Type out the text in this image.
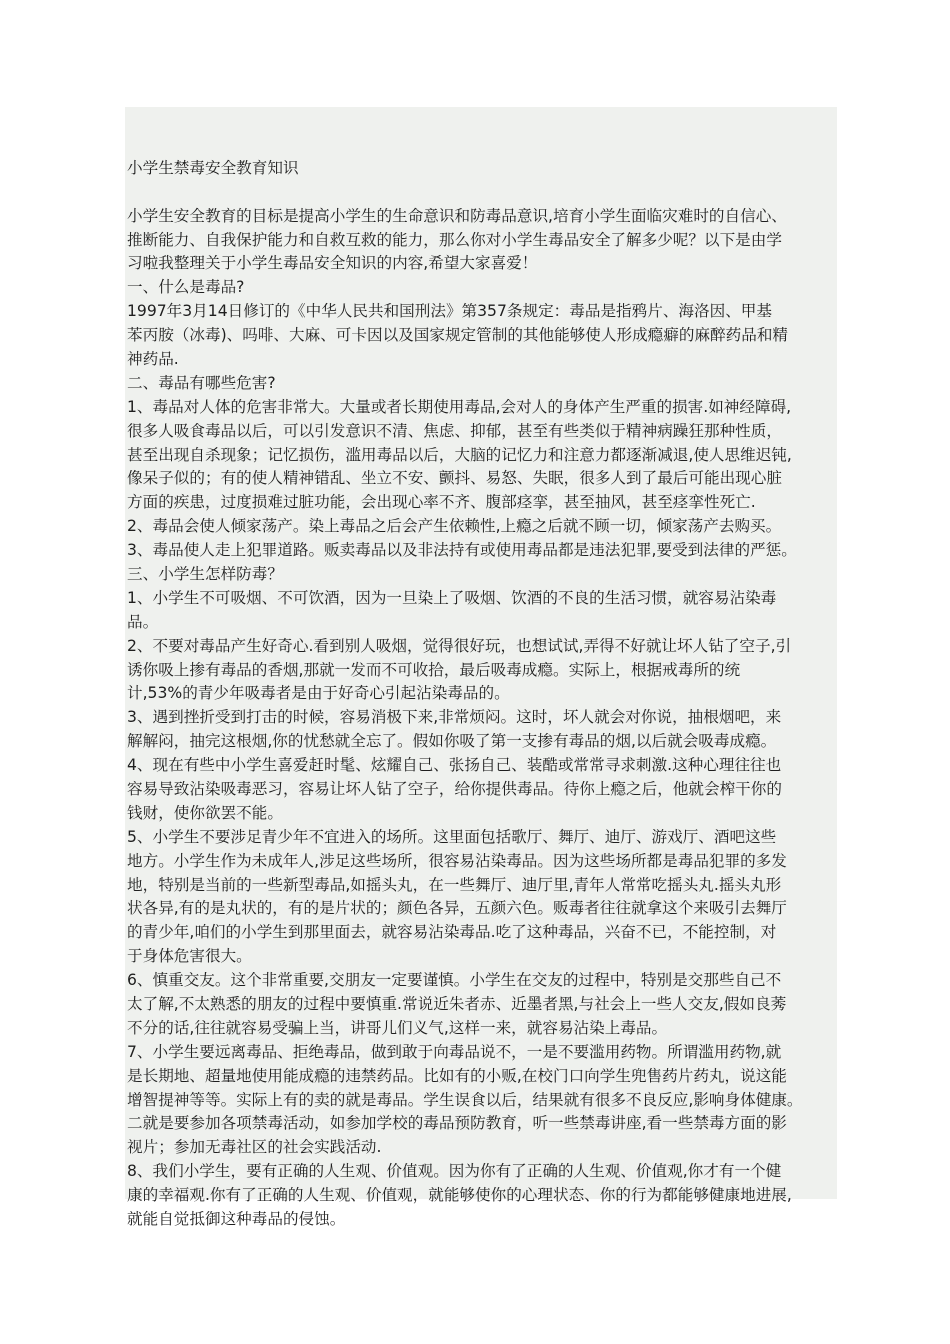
小学生禁毒安全教育知识

小学生安全教育的目标是提高小学生的生命意识和防毒品意识,培育小学生面临灾难时的自信心、
推断能力、自我保护能力和自救互救的能力，那么你对小学生毒品安全了解多少呢？以下是由学
习啦我整理关于小学生毒品安全知识的内容,希望大家喜爱！
一、什么是毒品?
1997年3月14日修订的《中华人民共和国刑法》第357条规定：毒品是指鸦片、海洛因、甲基
苯丙胺（冰毒)、吗啡、大麻、可卡因以及国家规定管制的其他能够使人形成瘾癖的麻醉药品和精
神药品.
二、毒品有哪些危害?
1、毒品对人体的危害非常大。大量或者长期使用毒品,会对人的身体产生严重的损害.如神经障碍,
很多人吸食毒品以后，可以引发意识不清、焦虑、抑郁，甚至有些类似于精神病躁狂那种性质，
甚至出现自杀现象；记忆损伤，滥用毒品以后，大脑的记忆力和注意力都逐渐减退,使人思维迟钝,
像呆子似的；有的使人精神错乱、坐立不安、颤抖、易怒、失眠，很多人到了最后可能出现心脏
方面的疾患，过度损难过脏功能，会出现心率不齐、腹部痉挛，甚至抽风，甚至痉挛性死亡.
2、毒品会使人倾家荡产。染上毒品之后会产生依赖性,上瘾之后就不顾一切，倾家荡产去购买。
3、毒品使人走上犯罪道路。贩卖毒品以及非法持有或使用毒品都是违法犯罪,要受到法律的严惩。
三、小学生怎样防毒？
1、小学生不可吸烟、不可饮酒，因为一旦染上了吸烟、饮酒的不良的生活习惯，就容易沾染毒
品。
2、不要对毒品产生好奇心.看到别人吸烟，觉得很好玩，也想试试,弄得不好就让坏人钻了空子,引
诱你吸上掺有毒品的香烟,那就一发而不可收拾，最后吸毒成瘾。实际上，根据戒毒所的统
计,53%的青少年吸毒者是由于好奇心引起沾染毒品的。
3、遇到挫折受到打击的时候，容易消极下来,非常烦闷。这时，坏人就会对你说，抽根烟吧，来
解解闷，抽完这根烟,你的忧愁就全忘了。假如你吸了第一支掺有毒品的烟,以后就会吸毒成瘾。
4、现在有些中小学生喜爱赶时髦、炫耀自己、张扬自己、装酷或常常寻求刺激.这种心理往往也
容易导致沾染吸毒恶习，容易让坏人钻了空子，给你提供毒品。待你上瘾之后，他就会榨干你的
钱财，使你欲罢不能。
5、小学生不要涉足青少年不宜进入的场所。这里面包括歌厅、舞厅、迪厅、游戏厅、酒吧这些
地方。小学生作为未成年人,涉足这些场所，很容易沾染毒品。因为这些场所都是毒品犯罪的多发
地，特别是当前的一些新型毒品,如摇头丸，在一些舞厅、迪厅里,青年人常常吃摇头丸.摇头丸形
状各异,有的是丸状的，有的是片状的；颜色各异，五颜六色。贩毒者往往就拿这个来吸引去舞厅
的青少年,咱们的小学生到那里面去，就容易沾染毒品.吃了这种毒品，兴奋不已，不能控制，对
于身体危害很大。
6、慎重交友。这个非常重要,交朋友一定要谨慎。小学生在交友的过程中，特别是交那些自己不
太了解,不太熟悉的朋友的过程中要慎重.常说近朱者赤、近墨者黑,与社会上一些人交友,假如良莠
不分的话,往往就容易受骗上当，讲哥儿们义气,这样一来，就容易沾染上毒品。
7、小学生要远离毒品、拒绝毒品，做到敢于向毒品说不，一是不要滥用药物。所谓滥用药物,就
是长期地、超量地使用能成瘾的违禁药品。比如有的小贩,在校门口向学生兜售药片药丸，说这能
增智提神等等。实际上有的卖的就是毒品。学生误食以后，结果就有很多不良反应,影响身体健康。
二就是要参加各项禁毒活动，如参加学校的毒品预防教育，听一些禁毒讲座,看一些禁毒方面的影
视片；参加无毒社区的社会实践活动.
8、我们小学生，要有正确的人生观、价值观。因为你有了正确的人生观、价值观,你才有一个健
康的幸福观.你有了正确的人生观、价值观，就能够使你的心理状态、你的行为都能够健康地进展,
就能自觉抵御这种毒品的侵蚀。
